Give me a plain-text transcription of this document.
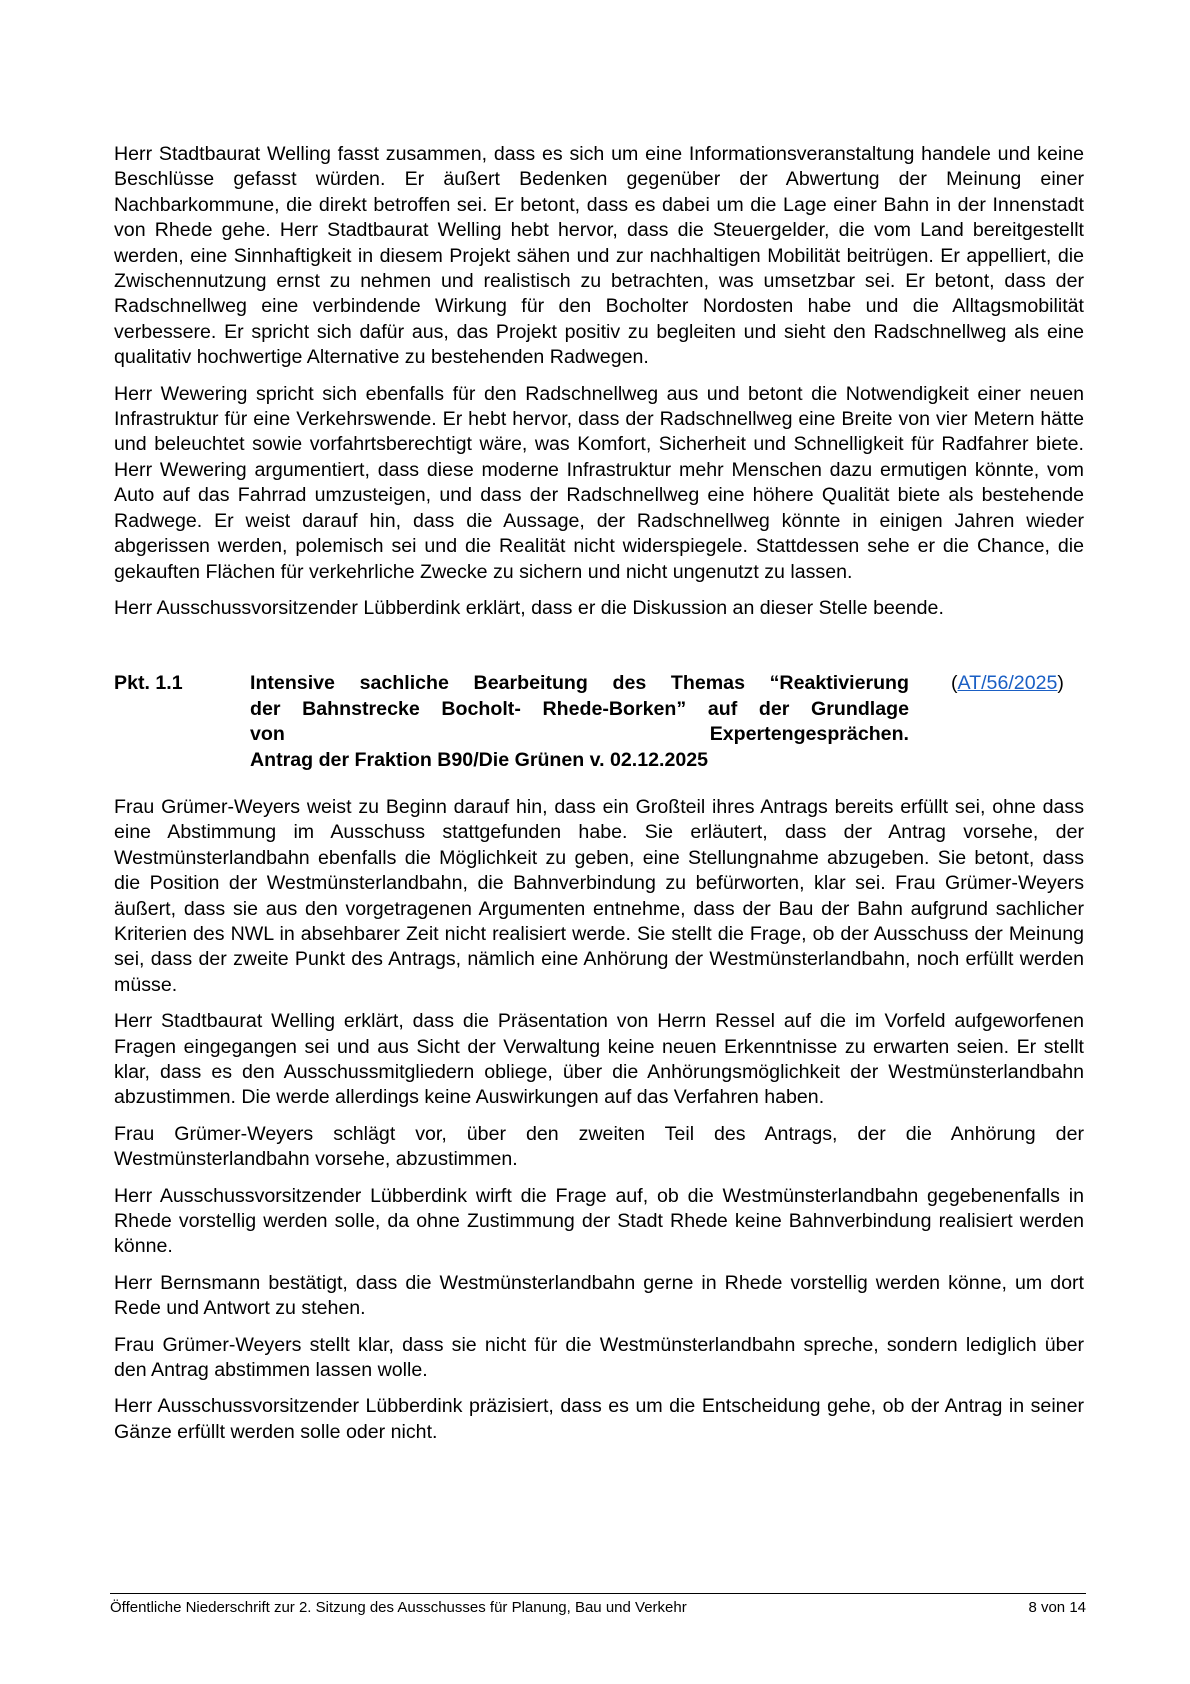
Herr Stadtbaurat Welling fasst zusammen, dass es sich um eine Informationsveranstaltung handele und keine Beschlüsse gefasst würden. Er äußert Bedenken gegenüber der Abwertung der Meinung einer Nachbarkommune, die direkt betroffen sei. Er betont, dass es dabei um die Lage einer Bahn in der Innenstadt von Rhede gehe. Herr Stadtbaurat Welling hebt hervor, dass die Steuergelder, die vom Land bereitgestellt werden, eine Sinnhaftigkeit in diesem Projekt sähen und zur nachhaltigen Mobilität beitrügen. Er appelliert, die Zwischennutzung ernst zu nehmen und realistisch zu betrachten, was umsetzbar sei. Er betont, dass der Radschnellweg eine verbindende Wirkung für den Bocholter Nordosten habe und die Alltagsmobilität verbessere. Er spricht sich dafür aus, das Projekt positiv zu begleiten und sieht den Radschnellweg als eine qualitativ hochwertige Alternative zu bestehenden Radwegen.

Herr Wewering spricht sich ebenfalls für den Radschnellweg aus und betont die Notwendigkeit einer neuen Infrastruktur für eine Verkehrswende. Er hebt hervor, dass der Radschnellweg eine Breite von vier Metern hätte und beleuchtet sowie vorfahrtsberechtigt wäre, was Komfort, Sicherheit und Schnelligkeit für Radfahrer biete. Herr Wewering argumentiert, dass diese moderne Infrastruktur mehr Menschen dazu ermutigen könnte, vom Auto auf das Fahrrad umzusteigen, und dass der Radschnellweg eine höhere Qualität biete als bestehende Radwege. Er weist darauf hin, dass die Aussage, der Radschnellweg könnte in einigen Jahren wieder abgerissen werden, polemisch sei und die Realität nicht widerspiegele. Stattdessen sehe er die Chance, die gekauften Flächen für verkehrliche Zwecke zu sichern und nicht ungenutzt zu lassen.

Herr Ausschussvorsitzender Lübberdink erklärt, dass er die Diskussion an dieser Stelle beende.

Pkt. 1.1	Intensive sachliche Bearbeitung des Themas “Reaktivierung
der Bahnstrecke Bocholt- Rhede-Borken” auf der Grundlage
von Expertengesprächen.
Antrag der Fraktion B90/Die Grünen v. 02.12.2025
(AT/56/2025)

Frau Grümer-Weyers weist zu Beginn darauf hin, dass ein Großteil ihres Antrags bereits erfüllt sei, ohne dass eine Abstimmung im Ausschuss stattgefunden habe. Sie erläutert, dass der Antrag vorsehe, der Westmünsterlandbahn ebenfalls die Möglichkeit zu geben, eine Stellungnahme abzugeben. Sie betont, dass die Position der Westmünsterlandbahn, die Bahnverbindung zu befürworten, klar sei. Frau Grümer-Weyers äußert, dass sie aus den vorgetragenen Argumenten entnehme, dass der Bau der Bahn aufgrund sachlicher Kriterien des NWL in absehbarer Zeit nicht realisiert werde. Sie stellt die Frage, ob der Ausschuss der Meinung sei, dass der zweite Punkt des Antrags, nämlich eine Anhörung der Westmünsterlandbahn, noch erfüllt werden müsse.

Herr Stadtbaurat Welling erklärt, dass die Präsentation von Herrn Ressel auf die im Vorfeld aufgeworfenen Fragen eingegangen sei und aus Sicht der Verwaltung keine neuen Erkenntnisse zu erwarten seien. Er stellt klar, dass es den Ausschussmitgliedern obliege, über die Anhörungsmöglichkeit der Westmünsterlandbahn abzustimmen. Die werde allerdings keine Auswirkungen auf das Verfahren haben.

Frau Grümer-Weyers schlägt vor, über den zweiten Teil des Antrags, der die Anhörung der Westmünsterlandbahn vorsehe, abzustimmen.

Herr Ausschussvorsitzender Lübberdink wirft die Frage auf, ob die Westmünsterlandbahn gegebenenfalls in Rhede vorstellig werden solle, da ohne Zustimmung der Stadt Rhede keine Bahnverbindung realisiert werden könne.

Herr Bernsmann bestätigt, dass die Westmünsterlandbahn gerne in Rhede vorstellig werden könne, um dort Rede und Antwort zu stehen.

Frau Grümer-Weyers stellt klar, dass sie nicht für die Westmünsterlandbahn spreche, sondern lediglich über den Antrag abstimmen lassen wolle.

Herr Ausschussvorsitzender Lübberdink präzisiert, dass es um die Entscheidung gehe, ob der Antrag in seiner Gänze erfüllt werden solle oder nicht.

Öffentliche Niederschrift zur 2. Sitzung des Ausschusses für Planung, Bau und Verkehr	8 von 14
